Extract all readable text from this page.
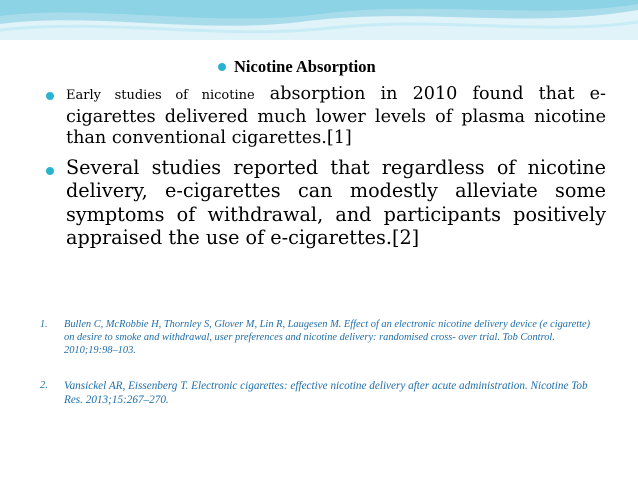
Nicotine Absorption

Early studies of nicotine absorption in 2010 found that e-cigarettes delivered much lower levels of plasma nicotine than conventional cigarettes.[1]

Several studies reported that regardless of nicotine delivery, e-cigarettes can modestly alleviate some symptoms of withdrawal, and participants positively appraised the use of e-cigarettes.[2]

1.	Bullen C, McRobbie H, Thornley S, Glover M, Lin R, Laugesen M. Effect of an electronic nicotine delivery device (e cigarette) on desire to smoke and withdrawal, user preferences and nicotine delivery: randomised cross- over trial. Tob Control. 2010;19:98–103.
2.	Vansickel AR, Eissenberg T. Electronic cigarettes: effective nicotine delivery after acute administration. Nicotine Tob Res. 2013;15:267–270.
